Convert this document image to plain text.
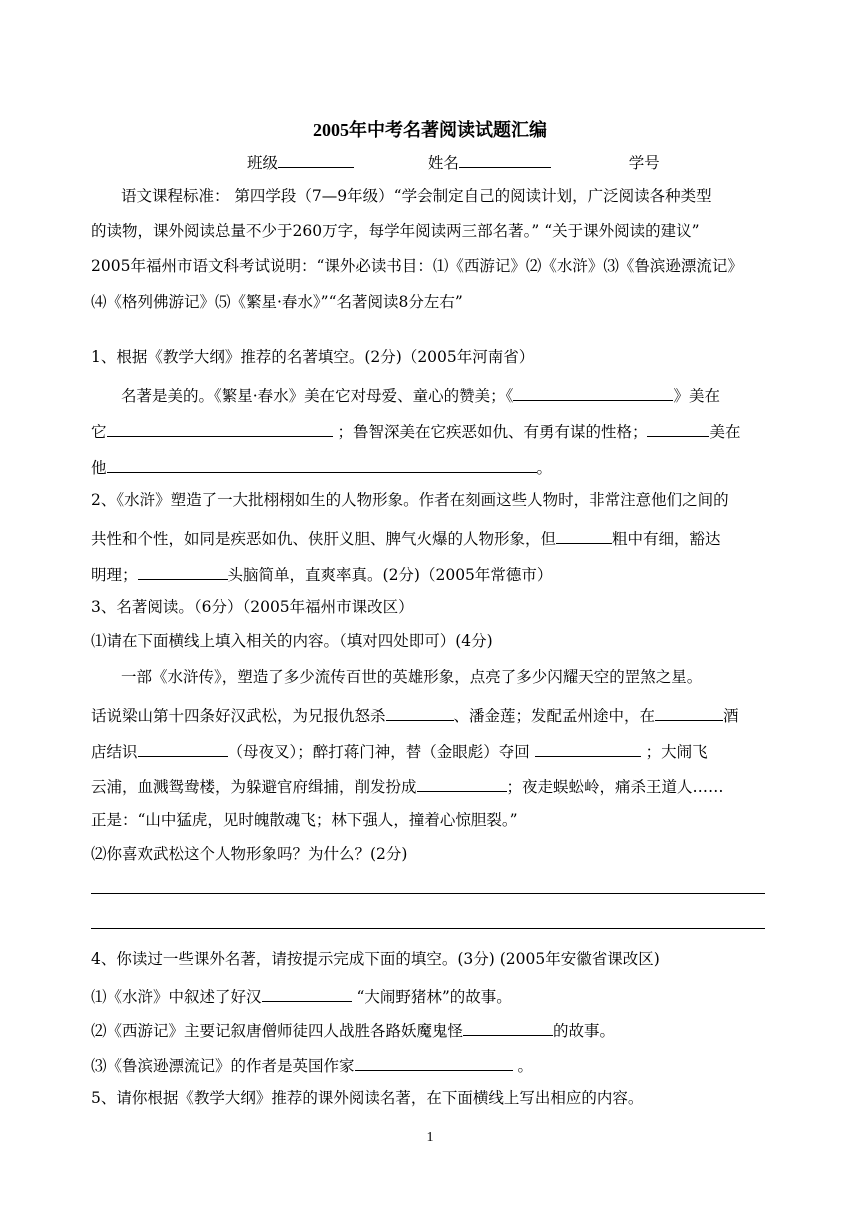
2005年中考名著阅读试题汇编
班级	姓名	学号
语文课程标准： 第四学段（7—9年级）“学会制定自己的阅读计划，广泛阅读各种类型
的读物，课外阅读总量不少于260万字，每学年阅读两三部名著。” “关于课外阅读的建议”
2005年福州市语文科考试说明：“课外必读书目：⑴《西游记》⑵《水浒》⑶《鲁滨逊漂流记》
⑷《格列佛游记》⑸《繁星·春水》”“名著阅读8分左右”
1、根据《教学大纲》推荐的名著填空。(2分)（2005年河南省）
名著是美的。《繁星·春水》美在它对母爱、童心的赞美；《	》美在
它	；鲁智深美在它疾恶如仇、有勇有谋的性格；	美在
他	。
2、《水浒》塑造了一大批栩栩如生的人物形象。作者在刻画这些人物时，非常注意他们之间的
共性和个性，如同是疾恶如仇、侠肝义胆、脾气火爆的人物形象，但	粗中有细，豁达
明理；	头脑简单，直爽率真。(2分)（2005年常德市）
3、名著阅读。（6分）（2005年福州市课改区）
⑴请在下面横线上填入相关的内容。（填对四处即可）(4分)
一部《水浒传》，塑造了多少流传百世的英雄形象，点亮了多少闪耀天空的罡煞之星。
话说梁山第十四条好汉武松，为兄报仇怒杀	、潘金莲；发配孟州途中，在	酒
店结识	（母夜叉）；醉打蒋门神，替（金眼彪）夺回	；大闹飞
云浦，血溅鸳鸯楼，为躲避官府缉捕，削发扮成	；夜走蜈蚣岭，痛杀王道人……
正是：“山中猛虎，见时魄散魂飞；林下强人，撞着心惊胆裂。”
⑵你喜欢武松这个人物形象吗？为什么？(2分)
4、你读过一些课外名著，请按提示完成下面的填空。(3分) (2005年安徽省课改区)
⑴《水浒》中叙述了好汉	“大闹野猪林”的故事。
⑵《西游记》主要记叙唐僧师徒四人战胜各路妖魔鬼怪	的故事。
⑶《鲁滨逊漂流记》的作者是英国作家	。
5、请你根据《教学大纲》推荐的课外阅读名著，在下面横线上写出相应的内容。
1
